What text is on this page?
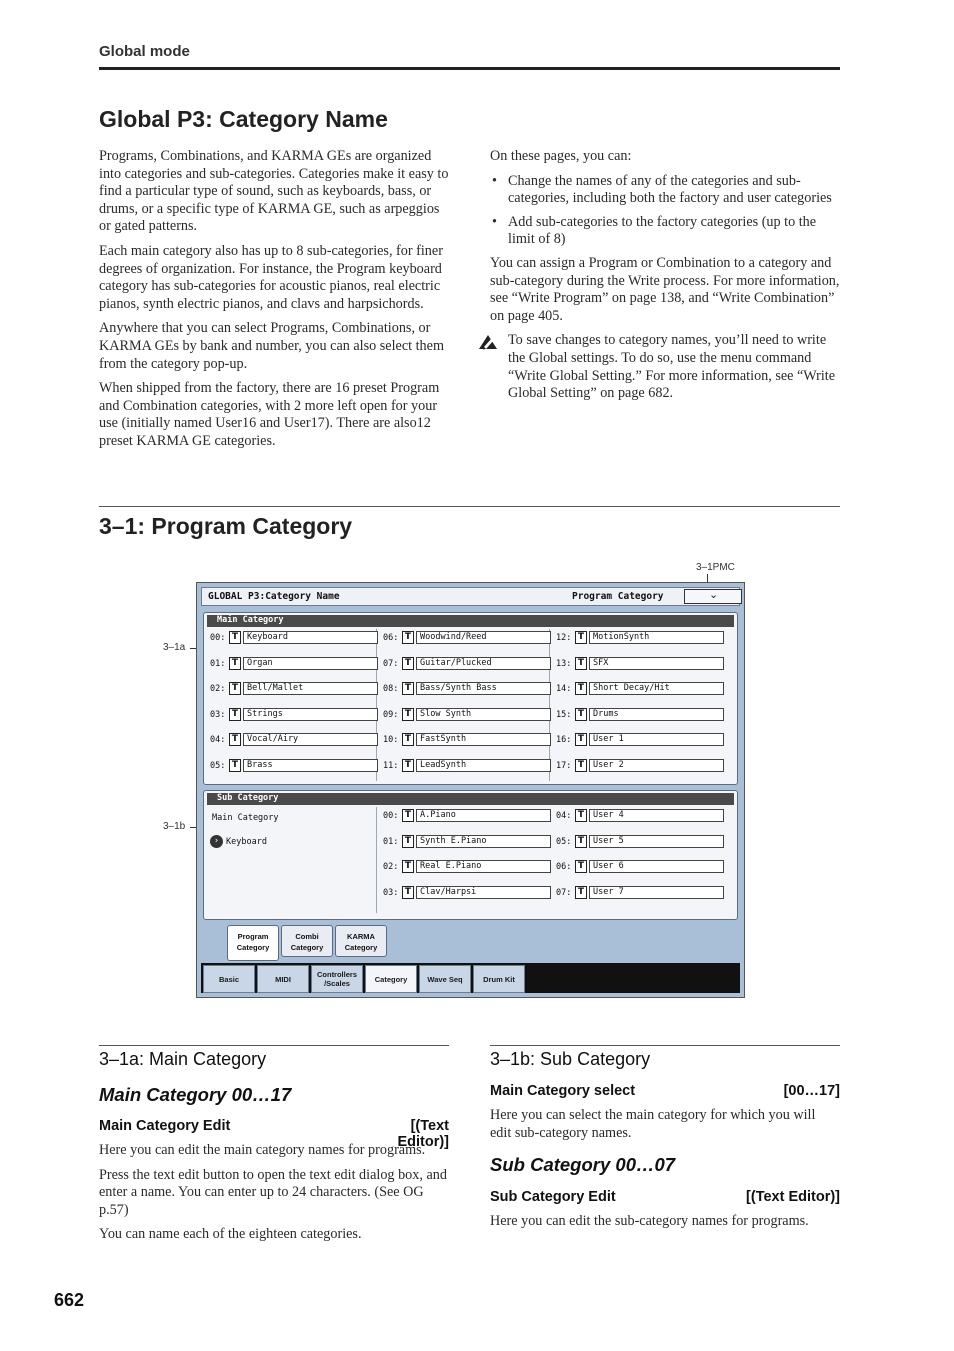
Global mode
Global P3: Category Name

Programs, Combinations, and KARMA GEs are organized into categories and sub-categories. Categories make it easy to find a particular type of sound, such as keyboards, bass, or drums, or a specific type of KARMA GE, such as arpeggios or gated patterns.

Each main category also has up to 8 sub-categories, for finer degrees of organization. For instance, the Program keyboard category has sub-categories for acoustic pianos, real electric pianos, synth electric pianos, and clavs and harpsichords.

Anywhere that you can select Programs, Combinations, or KARMA GEs by bank and number, you can also select them from the category pop-up.

When shipped from the factory, there are 16 preset Program and Combination categories, with 2 more left open for your use (initially named User16 and User17). There are also12 preset KARMA GE categories.

On these pages, you can:

• Change the names of any of the categories and sub-categories, including both the factory and user categories
• Add sub-categories to the factory categories (up to the limit of 8)

You can assign a Program or Combination to a category and sub-category during the Write process. For more information, see “Write Program” on page 138, and “Write Combination” on page 405.

To save changes to category names, you’ll need to write the Global settings. To do so, use the menu command “Write Global Setting.” For more information, see “Write Global Setting” on page 682.
3–1: Program Category
3–1PMC
3–1a
3–1b
GLOBAL P3:Category Name	Program Category	⌄
Main Category
00: T	Keyboard
01: T	Organ
02: T	Bell/Mallet
03: T	Strings
04: T	Vocal/Airy
05: T	Brass
06: T	Woodwind/Reed
07: T	Guitar/Plucked
08: T	Bass/Synth Bass
09: T	Slow Synth
10: T	FastSynth
11: T	LeadSynth
12: T	MotionSynth
13: T	SFX
14: T	Short Decay/Hit
15: T	Drums
16: T	User 1
17: T	User 2
Sub Category
Main Category
› Keyboard
00: T	A.Piano
01: T	Synth E.Piano
02: T	Real E.Piano
03: T	Clav/Harpsi
04: T	User 4
05: T	User 5
06: T	User 6
07: T	User 7
Program
Category
Combi
Category
KARMA
Category
Basic	MIDI	Controllers
/Scales	Category	Wave Seq	Drum Kit
3–1a: Main Category
Main Category 00…17
Main Category Edit	[(Text Editor)]

Here you can edit the main category names for programs.

Press the text edit button to open the text edit dialog box, and enter a name. You can enter up to 24 characters. (See OG p.57)

You can name each of the eighteen categories.

3–1b: Sub Category
Main Category select	[00…17]
Here you can select the main category for which you will edit sub-category names.
Sub Category 00…07
Sub Category Edit	[(Text Editor)]
Here you can edit the sub-category names for programs.
662
